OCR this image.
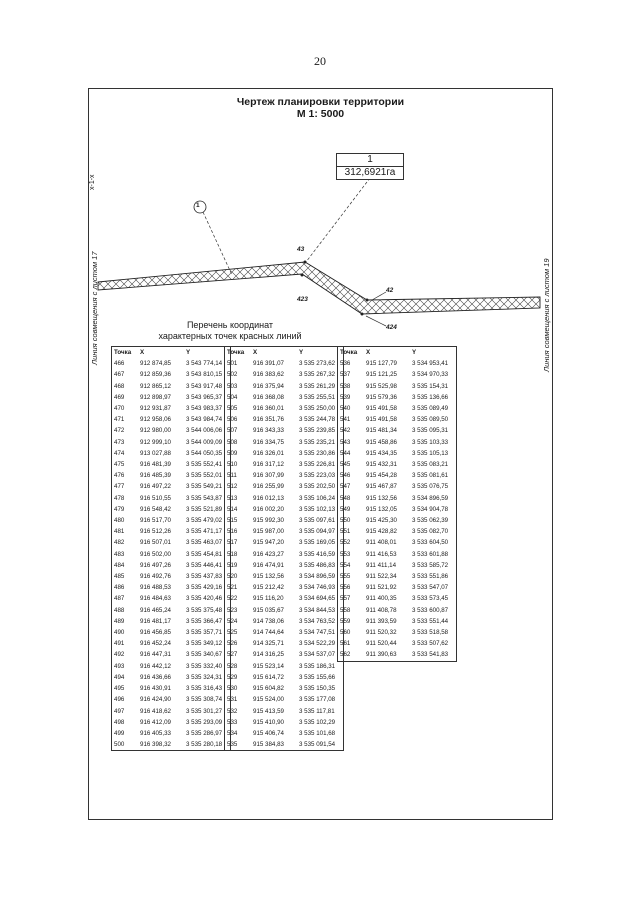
20
Чертеж планировки территории
М 1: 5000
1
1
312,6921га
43
423
42
424
х-1-х
Линия совмещения с листом 17	Линия совмещения с листом 19
Перечень координат
характерных точек красных линий
Точка	X	Y
466	912 874,85	3 543 774,14
467	912 859,36	3 543 810,15
468	912 865,12	3 543 917,48
469	912 898,97	3 543 965,37
470	912 931,87	3 543 983,37
471	912 958,06	3 543 984,74
472	912 980,00	3 544 006,06
473	912 999,10	3 544 009,09
474	913 027,88	3 544 050,35
475	916 481,39	3 535 552,41
476	916 485,39	3 535 552,01
477	916 497,22	3 535 549,21
478	916 510,55	3 535 543,87
479	916 548,42	3 535 521,89
480	916 517,70	3 535 479,02
481	916 512,26	3 535 471,17
482	916 507,01	3 535 463,07
483	916 502,00	3 535 454,81
484	916 497,26	3 535 446,41
485	916 492,76	3 535 437,83
486	916 488,53	3 535 429,16
487	916 484,63	3 535 420,46
488	916 465,24	3 535 375,48
489	916 481,17	3 535 366,47
490	916 456,85	3 535 357,71
491	916 452,24	3 535 349,12
492	916 447,31	3 535 340,67
493	916 442,12	3 535 332,40
494	916 436,66	3 535 324,31
495	916 430,91	3 535 316,43
496	916 424,90	3 535 308,74
497	916 418,62	3 535 301,27
498	916 412,09	3 535 293,09
499	916 405,33	3 535 286,97
500	916 398,32	3 535 280,18
Точка	X	Y
501	916 391,07	3 535 273,62
502	916 383,62	3 535 267,32
503	916 375,94	3 535 261,29
504	916 368,08	3 535 255,51
505	916 360,01	3 535 250,00
506	916 351,76	3 535 244,78
507	916 343,33	3 535 239,85
508	916 334,75	3 535 235,21
509	916 326,01	3 535 230,86
510	916 317,12	3 535 226,81
511	916 307,99	3 535 223,03
512	916 255,99	3 535 202,50
513	916 012,13	3 535 106,24
514	916 002,20	3 535 102,13
515	915 992,30	3 535 097,61
516	915 987,00	3 535 094,97
517	915 947,20	3 535 169,05
518	916 423,27	3 535 416,59
519	916 474,91	3 535 486,83
520	915 132,56	3 534 896,59
521	915 212,42	3 534 746,93
522	915 116,20	3 534 694,65
523	915 035,67	3 534 844,53
524	914 738,06	3 534 763,52
525	914 744,64	3 534 747,51
526	914 325,71	3 534 522,29
527	914 316,25	3 534 537,07
528	915 523,14	3 535 186,31
529	915 614,72	3 535 155,66
530	915 604,82	3 535 150,35
531	915 524,00	3 535 177,08
532	915 413,59	3 535 117,81
533	915 410,90	3 535 102,29
534	915 406,74	3 535 101,68
535	915 384,83	3 535 091,54
Точка	X	Y
536	915 127,79	3 534 953,41
537	915 121,25	3 534 970,33
538	915 525,98	3 535 154,31
539	915 579,36	3 535 136,66
540	915 491,58	3 535 089,49
541	915 491,58	3 535 089,50
542	915 481,34	3 535 095,31
543	915 458,86	3 535 103,33
544	915 434,35	3 535 105,13
545	915 432,31	3 535 083,21
546	915 454,28	3 535 081,61
547	915 467,87	3 535 076,75
548	915 132,56	3 534 896,59
549	915 132,05	3 534 904,78
550	915 425,30	3 535 062,39
551	915 428,82	3 535 082,70
552	911 408,01	3 533 604,50
553	911 416,53	3 533 601,88
554	911 411,14	3 533 585,72
555	911 522,34	3 533 551,86
556	911 521,92	3 533 547,07
557	911 400,35	3 533 573,45
558	911 408,78	3 533 600,87
559	911 393,59	3 533 551,44
560	911 520,32	3 533 518,58
561	911 520,44	3 533 507,62
562	911 390,63	3 533 541,83
